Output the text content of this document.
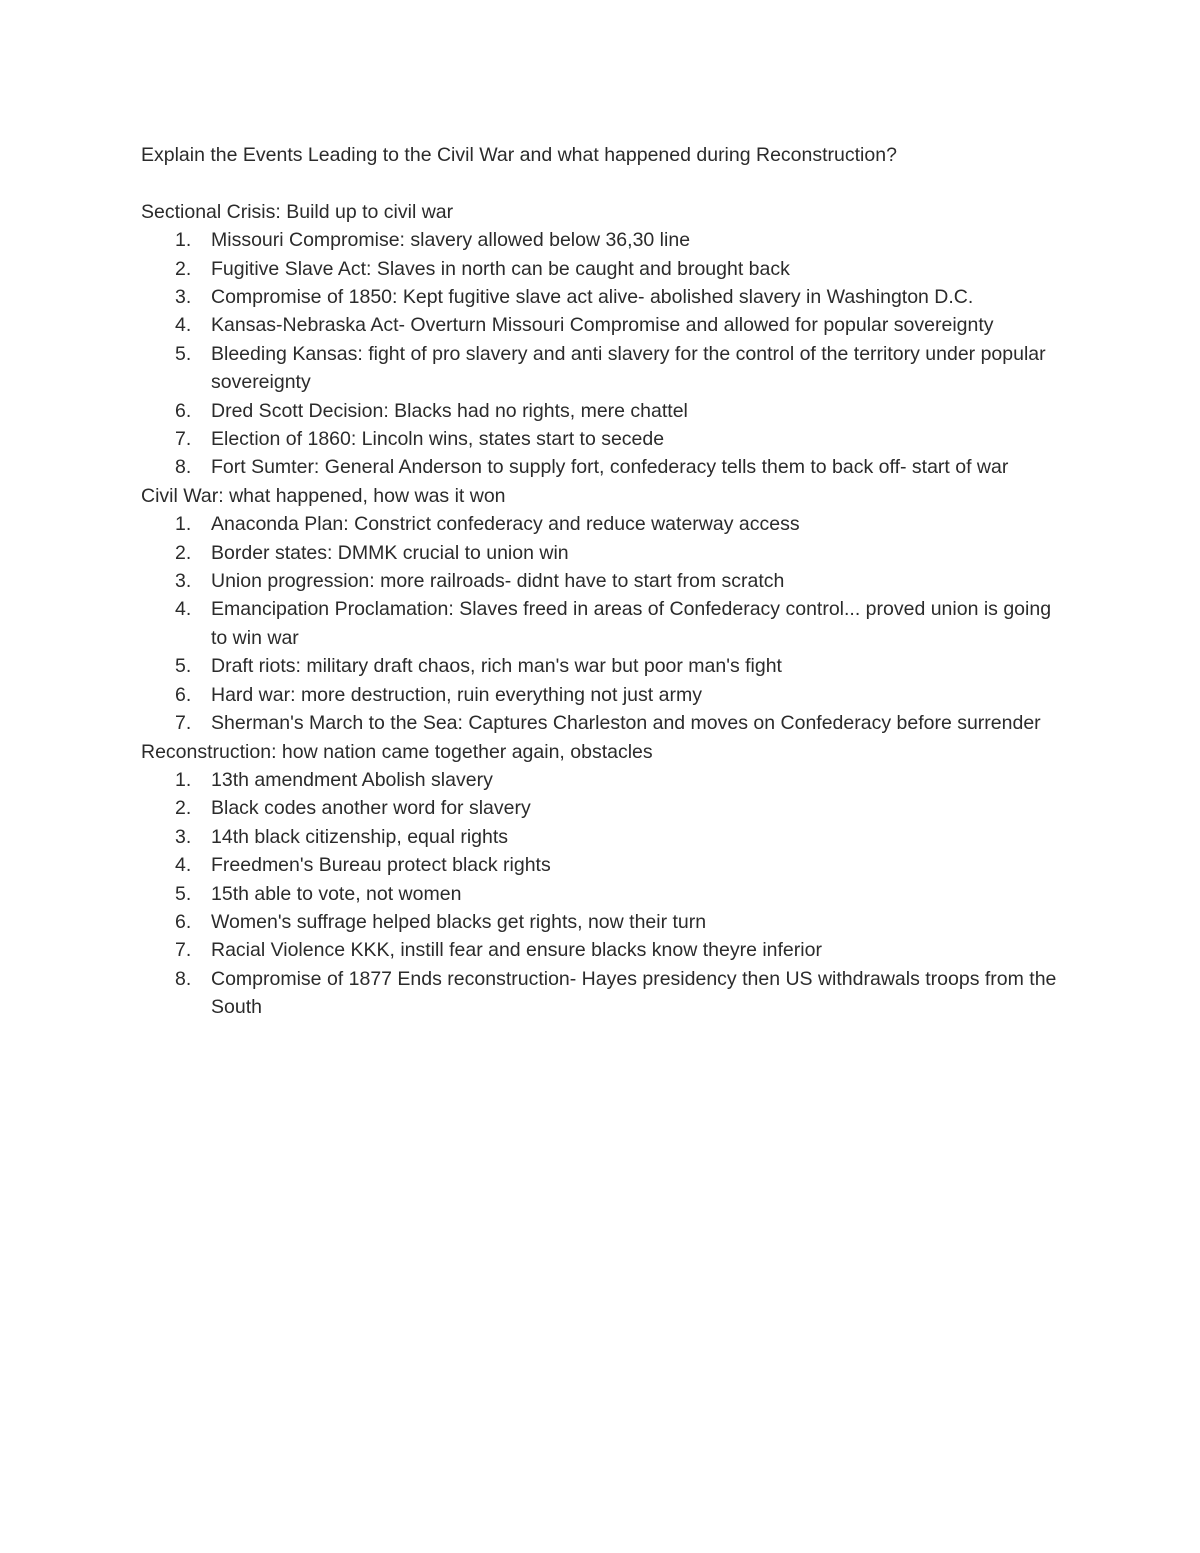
Explain the Events Leading to the Civil War and what happened during Reconstruction?

Sectional Crisis: Build up to civil war

1.	Missouri Compromise: slavery allowed below 36,30 line
2.	Fugitive Slave Act: Slaves in north can be caught and brought back
3.	Compromise of 1850: Kept fugitive slave act alive- abolished slavery in Washington D.C.
4.	Kansas-Nebraska Act- Overturn Missouri Compromise and allowed for popular sovereignty
5.	Bleeding Kansas: fight of pro slavery and anti slavery for the control of the territory under popular sovereignty
6.	Dred Scott Decision: Blacks had no rights, mere chattel
7.	Election of 1860: Lincoln wins, states start to secede
8.	Fort Sumter: General Anderson to supply fort, confederacy tells them to back off- start of war

Civil War: what happened, how was it won

1.	Anaconda Plan: Constrict confederacy and reduce waterway access
2.	Border states: DMMK crucial to union win
3.	Union progression: more railroads- didnt have to start from scratch
4.	Emancipation Proclamation: Slaves freed in areas of Confederacy control... proved union is going to win war
5.	Draft riots: military draft chaos, rich man's war but poor man's fight
6.	Hard war: more destruction, ruin everything not just army
7.	Sherman's March to the Sea: Captures Charleston and moves on Confederacy before surrender

Reconstruction: how nation came together again, obstacles

1.	13th amendment Abolish slavery
2.	Black codes another word for slavery
3.	14th black citizenship, equal rights
4.	Freedmen's Bureau protect black rights
5.	15th able to vote, not women
6.	Women's suffrage helped blacks get rights, now their turn
7.	Racial Violence KKK, instill fear and ensure blacks know theyre inferior
8.	Compromise of 1877 Ends reconstruction- Hayes presidency then US withdrawals troops from the South
